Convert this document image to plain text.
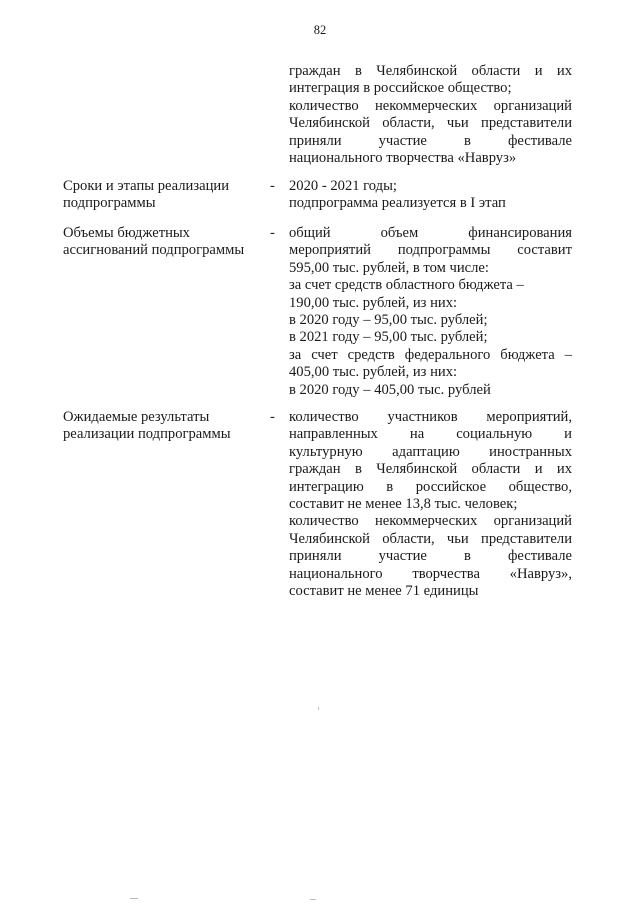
82
граждан в Челябинской области и их
интеграция в российское общество;
количество некоммерческих организаций
Челябинской области, чьи представители
приняли участие в фестивале
национального творчества «Навруз»
Сроки и этапы реализации
подпрограммы
- 2020 - 2021 годы;
подпрограмма реализуется в I этап
Объемы бюджетных
ассигнований подпрограммы
- общий объем финансирования
мероприятий подпрограммы составит
595,00 тыс. рублей, в том числе:
за счет средств областного бюджета –
190,00 тыс. рублей, из них:
в 2020 году – 95,00 тыс. рублей;
в 2021 году – 95,00 тыс. рублей;
за счет средств федерального бюджета –
405,00 тыс. рублей, из них:
в 2020 году – 405,00 тыс. рублей
Ожидаемые результаты
реализации подпрограммы
- количество участников мероприятий,
направленных на социальную и
культурную адаптацию иностранных
граждан в Челябинской области и их
интеграцию в российское общество,
составит не менее 13,8 тыс. человек;
количество некоммерческих организаций
Челябинской области, чьи представители
приняли участие в фестивале
национального творчества «Навруз»,
составит не менее 71 единицы
